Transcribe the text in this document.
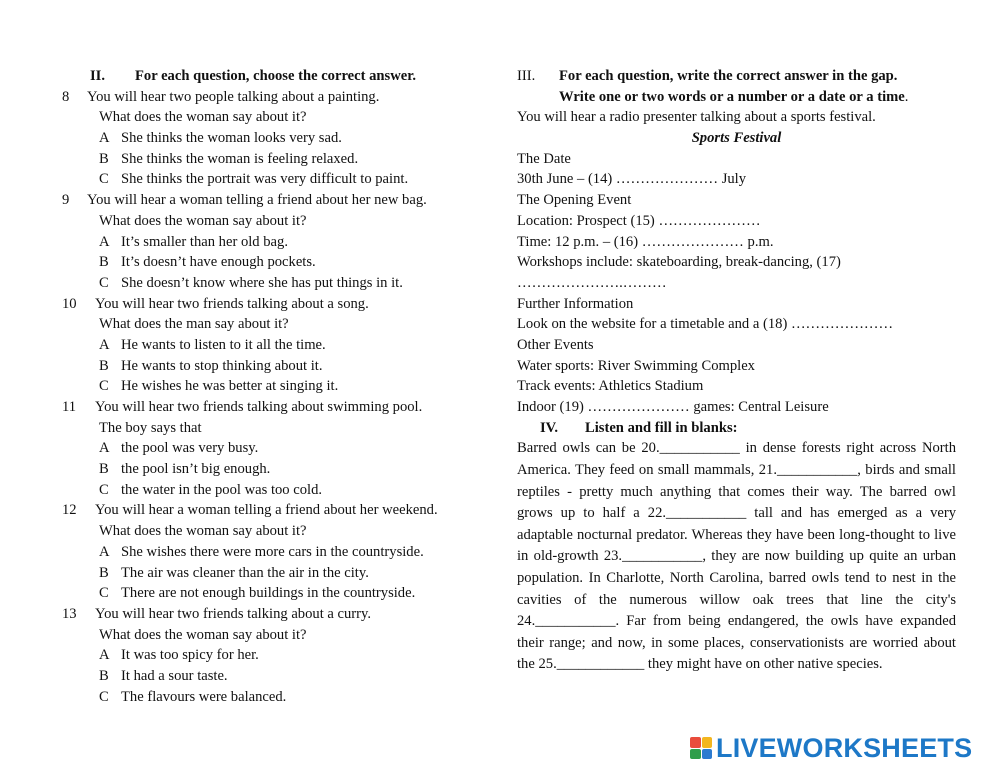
II. For each question, choose the correct answer.
8 You will hear two people talking about a painting.
What does the woman say about it?
A She thinks the woman looks very sad.
B She thinks the woman is feeling relaxed.
C She thinks the portrait was very difficult to paint.
9 You will hear a woman telling a friend about her new bag.
What does the woman say about it?
A It’s smaller than her old bag.
B It’s doesn’t have enough pockets.
C She doesn’t know where she has put things in it.
10 You will hear two friends talking about a song.
What does the man say about it?
A He wants to listen to it all the time.
B He wants to stop thinking about it.
C He wishes he was better at singing it.
11 You will hear two friends talking about swimming pool.
The boy says that
A the pool was very busy.
B the pool isn’t big enough.
C the water in the pool was too cold.
12 You will hear a woman telling a friend about her weekend.
What does the woman say about it?
A She wishes there were more cars in the countryside.
B The air was cleaner than the air in the city.
C There are not enough buildings in the countryside.
13 You will hear two friends talking about a curry.
What does the woman say about it?
A It was too spicy for her.
B It had a sour taste.
C The flavours were balanced.
III. For each question, write the correct answer in the gap.
Write one or two words or a number or a date or a time.
You will hear a radio presenter talking about a sports festival.
Sports Festival
The Date
30th June – (14) ………………… July
The Opening Event
Location: Prospect (15) …………………
Time: 12 p.m. – (16) ………………… p.m.
Workshops include: skateboarding, break-dancing, (17)
………………….………
Further Information
Look on the website for a timetable and a (18) …………………
Other Events
Water sports: River Swimming Complex
Track events: Athletics Stadium
Indoor (19) ………………… games: Central Leisure
IV. Listen and fill in blanks:

Barred owls can be 20.___________ in dense forests right across North America. They feed on small mammals, 21.___________, birds and small reptiles - pretty much anything that comes their way. The barred owl grows up to half a 22.___________ tall and has emerged as a very adaptable nocturnal predator. Whereas they have been long-thought to live in old-growth 23.___________, they are now building up quite an urban population. In Charlotte, North Carolina, barred owls tend to nest in the cavities of the numerous willow oak trees that line the city's 24.___________. Far from being endangered, the owls have expanded their range; and now, in some places, conservationists are worried about the 25.____________ they might have on other native species.

LIVEWORKSHEETS
